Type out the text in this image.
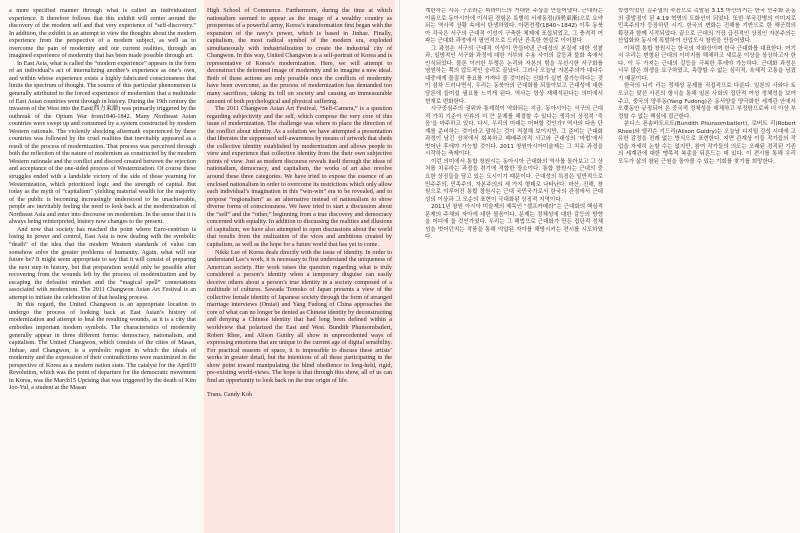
a more specified manner through what is called an individualized experience. It therefore follows that this exhibit will center around the discovery of the modern self and that very experience of “self-discovery.” In addition, the exhibit is an attempt to view the thoughts about the modern experience from the perspective of a modern subject, as well as to overcome the pain of modernity and our current realities, through an imagined experience of modernity that has been made possible through art.

In East Asia, what is called the “modern experience” appears in the form of an individual’s act of internalizing another’s experience as one’s own, and within whose experience exists a highly fabricated consciousness that limits the spectrum of thought. The source of this particular phenomenon is generally attributed to the forced experience of modernism that a multitude of East Asian countries went through in history. During the 19th century the invasion of the West into the East(西力東漸) was primarily triggered by the outbreak of the Opium War from1840-1842. Many Northeast Asian countries were swept up and consumed by a system constructed by modern Western rationale. The violently shocking aftermath experienced by these countries was followed by the cruel realities that inevitably appeared as a result of the process of modernization. That process was perceived through both the reflection of the nature of modernism as constructed by the modern Western rationale and the conflict and discord created between the rejection and acceptance of the one-sided process of Westernization. Of course these struggles ended with a landslide victory of the side of those yearning for Westernization, which prioritized logic and the strength of capital. But today as the myth of “capitalism” yielding material wealth for the majority of the public is becoming increasingly understood to be unachievable, people are inevitably feeling the need to look back at the modernization of Northeast Asia and enter into discourse on modernism. In the sense that it is always being reinterpreted, history now changes to the present.

And now that society has reached the point where Euro-centrism is losing its power and control, East Asia is now dealing with the symbolic “death” of the idea that the modern Western standards of value can somehow solve the greater problems of humanity. Again, what will our future be? It might seem appropriate to say that it will consist of preparing the next step in history, but that preparation would only be possible after recovering from the wounds left by the process of modernization and by escaping the defeatist mindset and the “magical spell” connotations associated with modernism. The 2011 Changwon Asian Art Festival is an attempt to initiate the celebration of that healing process.

In this regard, the United Changwon is an appropriate location to undergo the process of looking back at East Asian’s history of modernization and attempt to heal the resulting wounds, as it is a city that embodies important modern symbols. The characteristics of modernity generally appear in three different forms: democracy, nationalism, and capitalism. The United Changwon, which consists of the cities of Masan, Jinhae, and Changwon, is a symbolic region in which the ideals of modernity and the expression of their contradictions were maximized in the perspective of Korea as a modern nation state. The catalyst for the April19 Revolution, which was the point of departure for the democratic movement in Korea, was the March15 Uprising that was triggered by the death of Kim Joo-Yul, a student at the Masan

High School of Commerce. Furthermore, during the time at which nationalism seemed to appear as the image of a wealthy country as prosperous of a powerful army, Korea’s transformation first began with the expansion of the navy’s power, which is based in Jinhae. Finally, capitalism, the most radical symbol of the modern era, exploded simultaneously with industrialization to create the industrial city of Changwon. In this way, United Changwon is a self-portrait of Korea and is representative of Korea’s modernization. Here, we will attempt to deconstruct the deformed image of modernity and to imagine a new ideal. Both of these actions are only possible once the conflicts of modernity have been overcome, as the process of modernization has demanded too many sacrifices, taking its toll on society and causing an immeasurable amount of both psychological and physical suffering.

The 2011 Changwon Asian Art Festival, “Self-Camera,” is a question regarding subjectivity and the self, which compose the very core of this issue of modernization. The challenge was where to place the direction of the conflict about identity. As a solution we have attempted a presentation that liberates the suppressed self-awareness by means of artwork that sheds the collective identity established by modernization and allows people to view and experience that collective identity from the their own subjective points of view. Just as modern discourse reveals itself through the ideas of nationalism, democracy, and capitalism, the works of art also revolve around these three categories. We have tried to expose the essence of an enclosed nationalism in order to overcome its restrictions which only allow each individual’s imagination in this “win-win” era to be revealed, and to propose “regionalism” as an alternative instead of nationalism to show diverse forms of consciousness. We have tried to start a discussion about the “self” and the “other,” beginning from a true discovery and democracy concerned with equality. In addition to discussing the realities and illusions of capitalism, we have also attempted to open discussions about the world that results from the realization of the vices and ambitious created by capitalism, as well as the hope for a future world that has yet to come.

Nikki Lee of Korea deals directly with the issue of identity. In order to understand Lee’s work, it is necessary to first understand the uniqueness of American society. Her work raises the question regarding what is truly considered a person’s identity when a temporary disguise can easily deceive others about a person’s true identity in a society composed of a multitude of cultures. Sawada Tomoko of Japan presents a view of the collective female identity of Japanese society through the form of arranged marriage interviews (Omiai) and Yang Fudong of China approaches the core of what can no longer be denied as Chinese identity by deconstructing and denying a Chinese identity that had long been defined within a worldview that polarized the East and West. Bundith Phunsombatlert, Robert Rhee, and Alison Guidry all show in unprecedented ways of expressing emotions that are unique to the current age of digital sensibility. For practical reasons of space, it is impossible to discuss these artists’ works in greater detail, but the intentions of all these participating in the show point toward manipulating the blind obedience to long-held, rigid, pre-existing world-views. The hope is that through this show, all of us can find an opportunity to look back on the true origin of life.

Trans. Candy Koh

계한하는 사유 구조라는 피라미드의 거대한 주상을 만들어냈다. 근대라는 이름으로 동아시아에 이식된 경험은 특별히 서세동점(西勢東漸)으로 요약되는 역사적 상황 속에서 탄생하였다. 아편전쟁(1840~1842) 이후 동북아 각국은 서구의 근대적 이성이 구축한 체제에 포섭되었고, 그 충격적 여파는 근대화 과정에서 필연적으로 드러난 잔혹한 현실로 이어졌다.

그 과정은 서구의 근대적 이성이 만들어낸 근대성의 본질에 대한 성찰과, 일방적인 서구화 과정에 대한 거부와 수용 사이의 갈등과 불화 속에서 인식되었다. 물론 이러한 투쟁은 논리와 자본의 힘을 우선시한 서구화를 염원하는 쪽의 압도적인 승리로 끝났다. 그러나 오늘날 자본주의가 대다수 대중에게 물질적 풍요를 가져다 줄 것이라는 신화가 실현 불가능하다는 것이 점차 드러나면서, 우리는 동북아의 근대화를 되돌아보고 근대성에 대한 담론에 들어설 필요를 느끼게 된다. 역사는 항상 재해석된다는 의미에서 현재로 변화한다.

사구중심주의 권위와 통제력이 약화되는 지금, 동아시아는 서구의 근대적 가치 기준이 인류의 더 큰 문제를 해결할 수 있다는 생각의 상징적 ‘죽음’을 마주하고 있다. 다시, 우리의 미래는 어떠할 것인가? 역사의 다음 단계를 준비하는 것이라고 말하는 것이 적절해 보이지만, 그 준비는 근대화 과정이 남긴 상처에서 회복하고 패배주의적 사고와 근대성의 ‘마법’에서 벗어난 후에야 가능할 것이다. 2011 창원아시아미술제는 그 치유 과정을 시작하는 축제이다.

이런 의미에서 통합 창원시는 동아시아 근대화의 역사를 돌아보고 그 상처를 치유하는 과정을 겪기에 적합한 장소이다. 통합 창원시는 근대의 중요한 상징들을 담고 있는 도시이기 때문이다. 근대성의 특징은 일반적으로 민주주의, 민족주의, 자본주의의 세 가지 형태로 나타난다. 마산, 진해, 창원으로 이루어진 통합 창원시는 근대 국민국가로서 한국의 관점에서 근대성의 이상과 그 모순의 표현이 극대화된 상징적 지역이다.

2011년 창원 아시아 미술제의 제목인 “셀프카메라”는 근대화의 핵심적 문제의 주체와 자아에 대한 물음이다. 문제는 정체성에 대한 갈등의 방향을 어디에 둘 것인가였다. 우리는 그 해법으로 근대화가 만든 집단적 정체성을 벗어던지는 작품을 통해 억압된 자아를 해방시키는 전시를 시도하였다.

학생이었던 김주열의 죽음으로 촉발된 3.15 마산의거는 한국 민주화 운동의 출발점이 된 4.19 혁명의 도화선이 되었다. 또한 부국강병의 이미지로 민족주의가 등장하던 시기, 한국의 변화는 진해를 기반으로 한 해군력의 확장과 함께 시작되었다. 끝으로 근대의 가장 급진적인 상징인 자본주의는 산업화와 동시에 폭발하여 산업도시 창원을 만들어냈다.

이처럼 통합 창원시는 한국의 자화상이며 한국 근대화를 대표한다. 여기서 우리는 변형된 근대의 이미지를 해체하고 새로운 이상을 상상하고자 한다. 이 두 가지는 근대의 갈등을 극복한 후에야 가능하다. 근대화 과정은 너무 많은 희생을 요구하였고, 측량할 수 없는 심리적, 육체적 고통을 남겼기 때문이다.

한국의 니키 리는 정체성 문제를 직접적으로 다룬다. 일본의 사와다 토모코는 맞선 사진의 형식을 통해 일본 사회의 집단적 여성 정체성을 보여주고, 중국의 양푸동(Yang Fudong)은 동서양을 양극화한 세계관 안에서 오랫동안 규정되어 온 중국적 정체성을 해체하고 부정함으로써 더 이상 부정할 수 없는 핵심에 접근한다.

분디스 폰솜바트르트(Bundith Phunsombatlert), 로버트 리(Robert Rhee)와 앨리슨 기드리(Alison Guidry)는 오늘날 디지털 감성 시대에 고유한 감정을 전례 없는 방식으로 표현한다. 지면 관계상 이들 작가들의 작업을 자세히 논할 수는 없지만, 참여 작가들의 의도는 오래된 경직된 기존의 세계관에 대한 맹목적 복종을 뒤흔드는 데 있다. 이 전시를 통해 우리 모두가 삶의 참된 근원을 돌아볼 수 있는 기회를 찾기를 희망한다.
